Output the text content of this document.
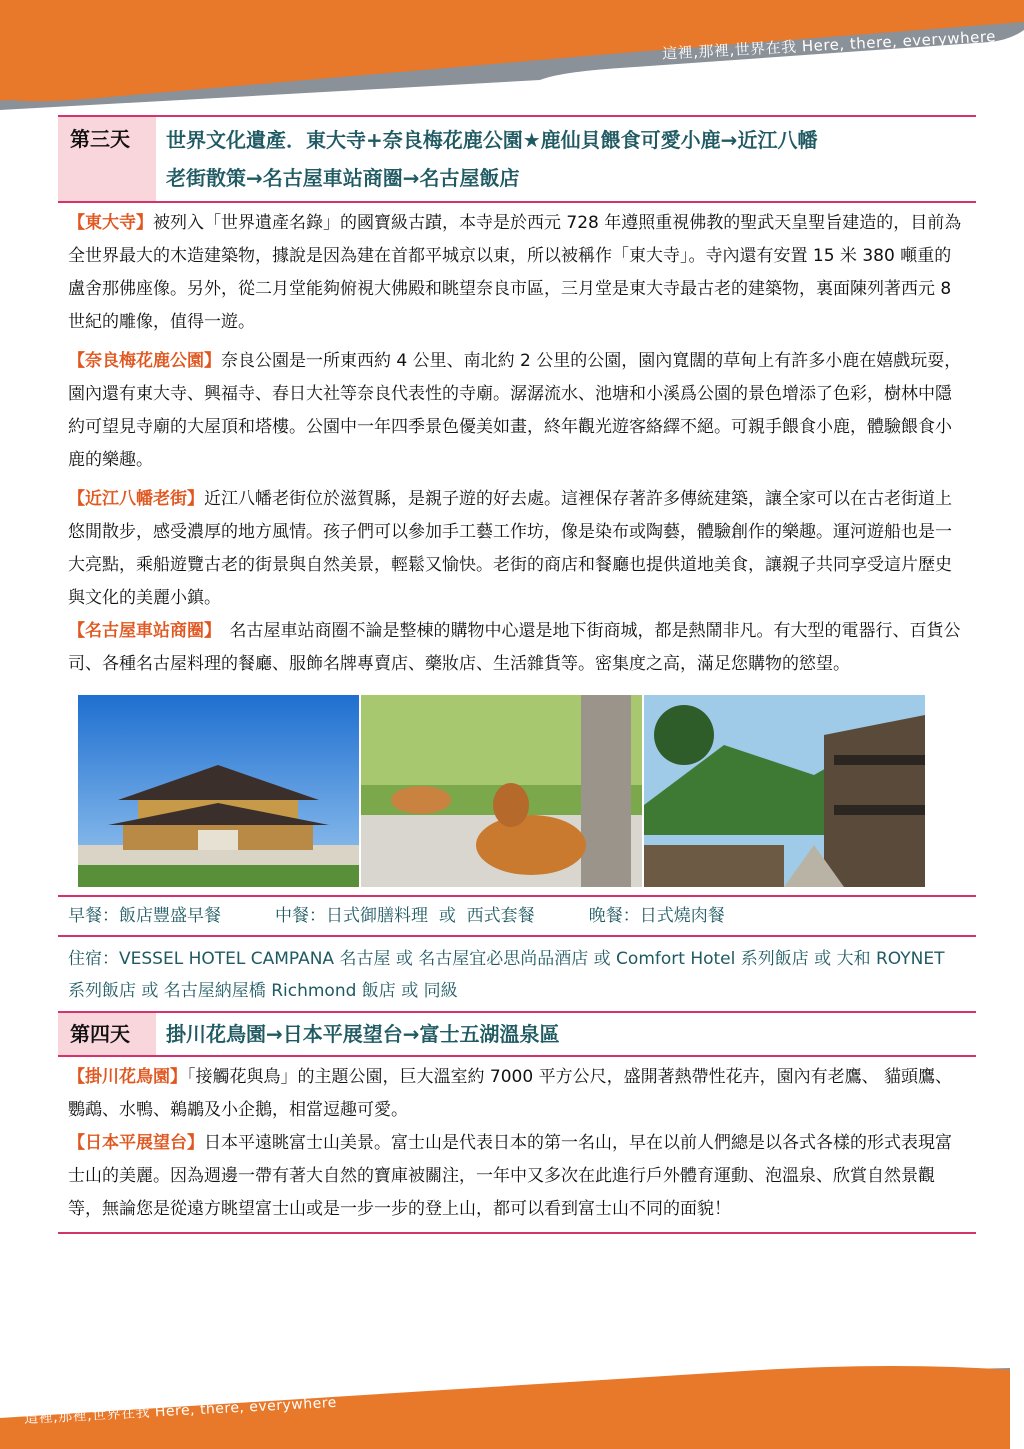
這裡,那裡,世界在我 Here, there, everywhere
第三天	世界文化遺產．東大寺+奈良梅花鹿公園★鹿仙貝餵食可愛小鹿→近江八幡
老街散策→名古屋車站商圈→名古屋飯店

【東大寺】被列入「世界遺產名錄」的國寶級古蹟，本寺是於西元 728 年遵照重視佛教的聖武天皇聖旨建造的，目前為全世界最大的木造建築物，據說是因為建在首都平城京以東，所以被稱作「東大寺」。寺內還有安置 15 米 380 噸重的盧舍那佛座像。另外，從二月堂能夠俯視大佛殿和眺望奈良市區，三月堂是東大寺最古老的建築物，裏面陳列著西元 8 世紀的雕像，值得一遊。

【奈良梅花鹿公園】奈良公園是一所東西約 4 公里、南北約 2 公里的公園，園內寬闊的草甸上有許多小鹿在嬉戲玩耍，園內還有東大寺、興福寺、春日大社等奈良代表性的寺廟。潺潺流水、池塘和小溪爲公園的景色增添了色彩，樹林中隱約可望見寺廟的大屋頂和塔樓。公園中一年四季景色優美如畫，終年觀光遊客絡繹不絕。可親手餵食小鹿，體驗餵食小鹿的樂趣。

【近江八幡老街】近江八幡老街位於滋賀縣，是親子遊的好去處。這裡保存著許多傳統建築，讓全家可以在古老街道上悠閒散步，感受濃厚的地方風情。孩子們可以參加手工藝工作坊，像是染布或陶藝，體驗創作的樂趣。運河遊船也是一大亮點，乘船遊覽古老的街景與自然美景，輕鬆又愉快。老街的商店和餐廳也提供道地美食，讓親子共同享受這片歷史與文化的美麗小鎮。

【名古屋車站商圈】　名古屋車站商圈不論是整棟的購物中心還是地下街商城，都是熱鬧非凡。有大型的電器行、百貨公司、各種名古屋料理的餐廳、服飾名牌專賣店、藥妝店、生活雜貨等。密集度之高，滿足您購物的慾望。

早餐：飯店豐盛早餐	中餐：日式御膳料理  或  西式套餐	晚餐：日式燒肉餐
住宿：VESSEL HOTEL CAMPANA 名古屋 或 名古屋宜必思尚品酒店 或 Comfort Hotel 系列飯店 或 大和 ROYNET 系列飯店 或 名古屋納屋橋 Richmond 飯店 或 同級
第四天	掛川花鳥園→日本平展望台→富士五湖溫泉區

【掛川花鳥園】「接觸花與鳥」的主題公園，巨大溫室約 7000 平方公尺，盛開著熱帶性花卉，園內有老鷹、 貓頭鷹、鸚鵡、水鴨、鵜鶘及小企鵝，相當逗趣可愛。

【日本平展望台】日本平遠眺富士山美景。富士山是代表日本的第一名山，早在以前人們總是以各式各樣的形式表現富士山的美麗。因為週邊一帶有著大自然的寶庫被關注，一年中又多次在此進行戶外體育運動、泡溫泉、欣賞自然景觀等，無論您是從遠方眺望富士山或是一步一步的登上山，都可以看到富士山不同的面貌！

這裡,那裡,世界在我 Here, there, everywhere
